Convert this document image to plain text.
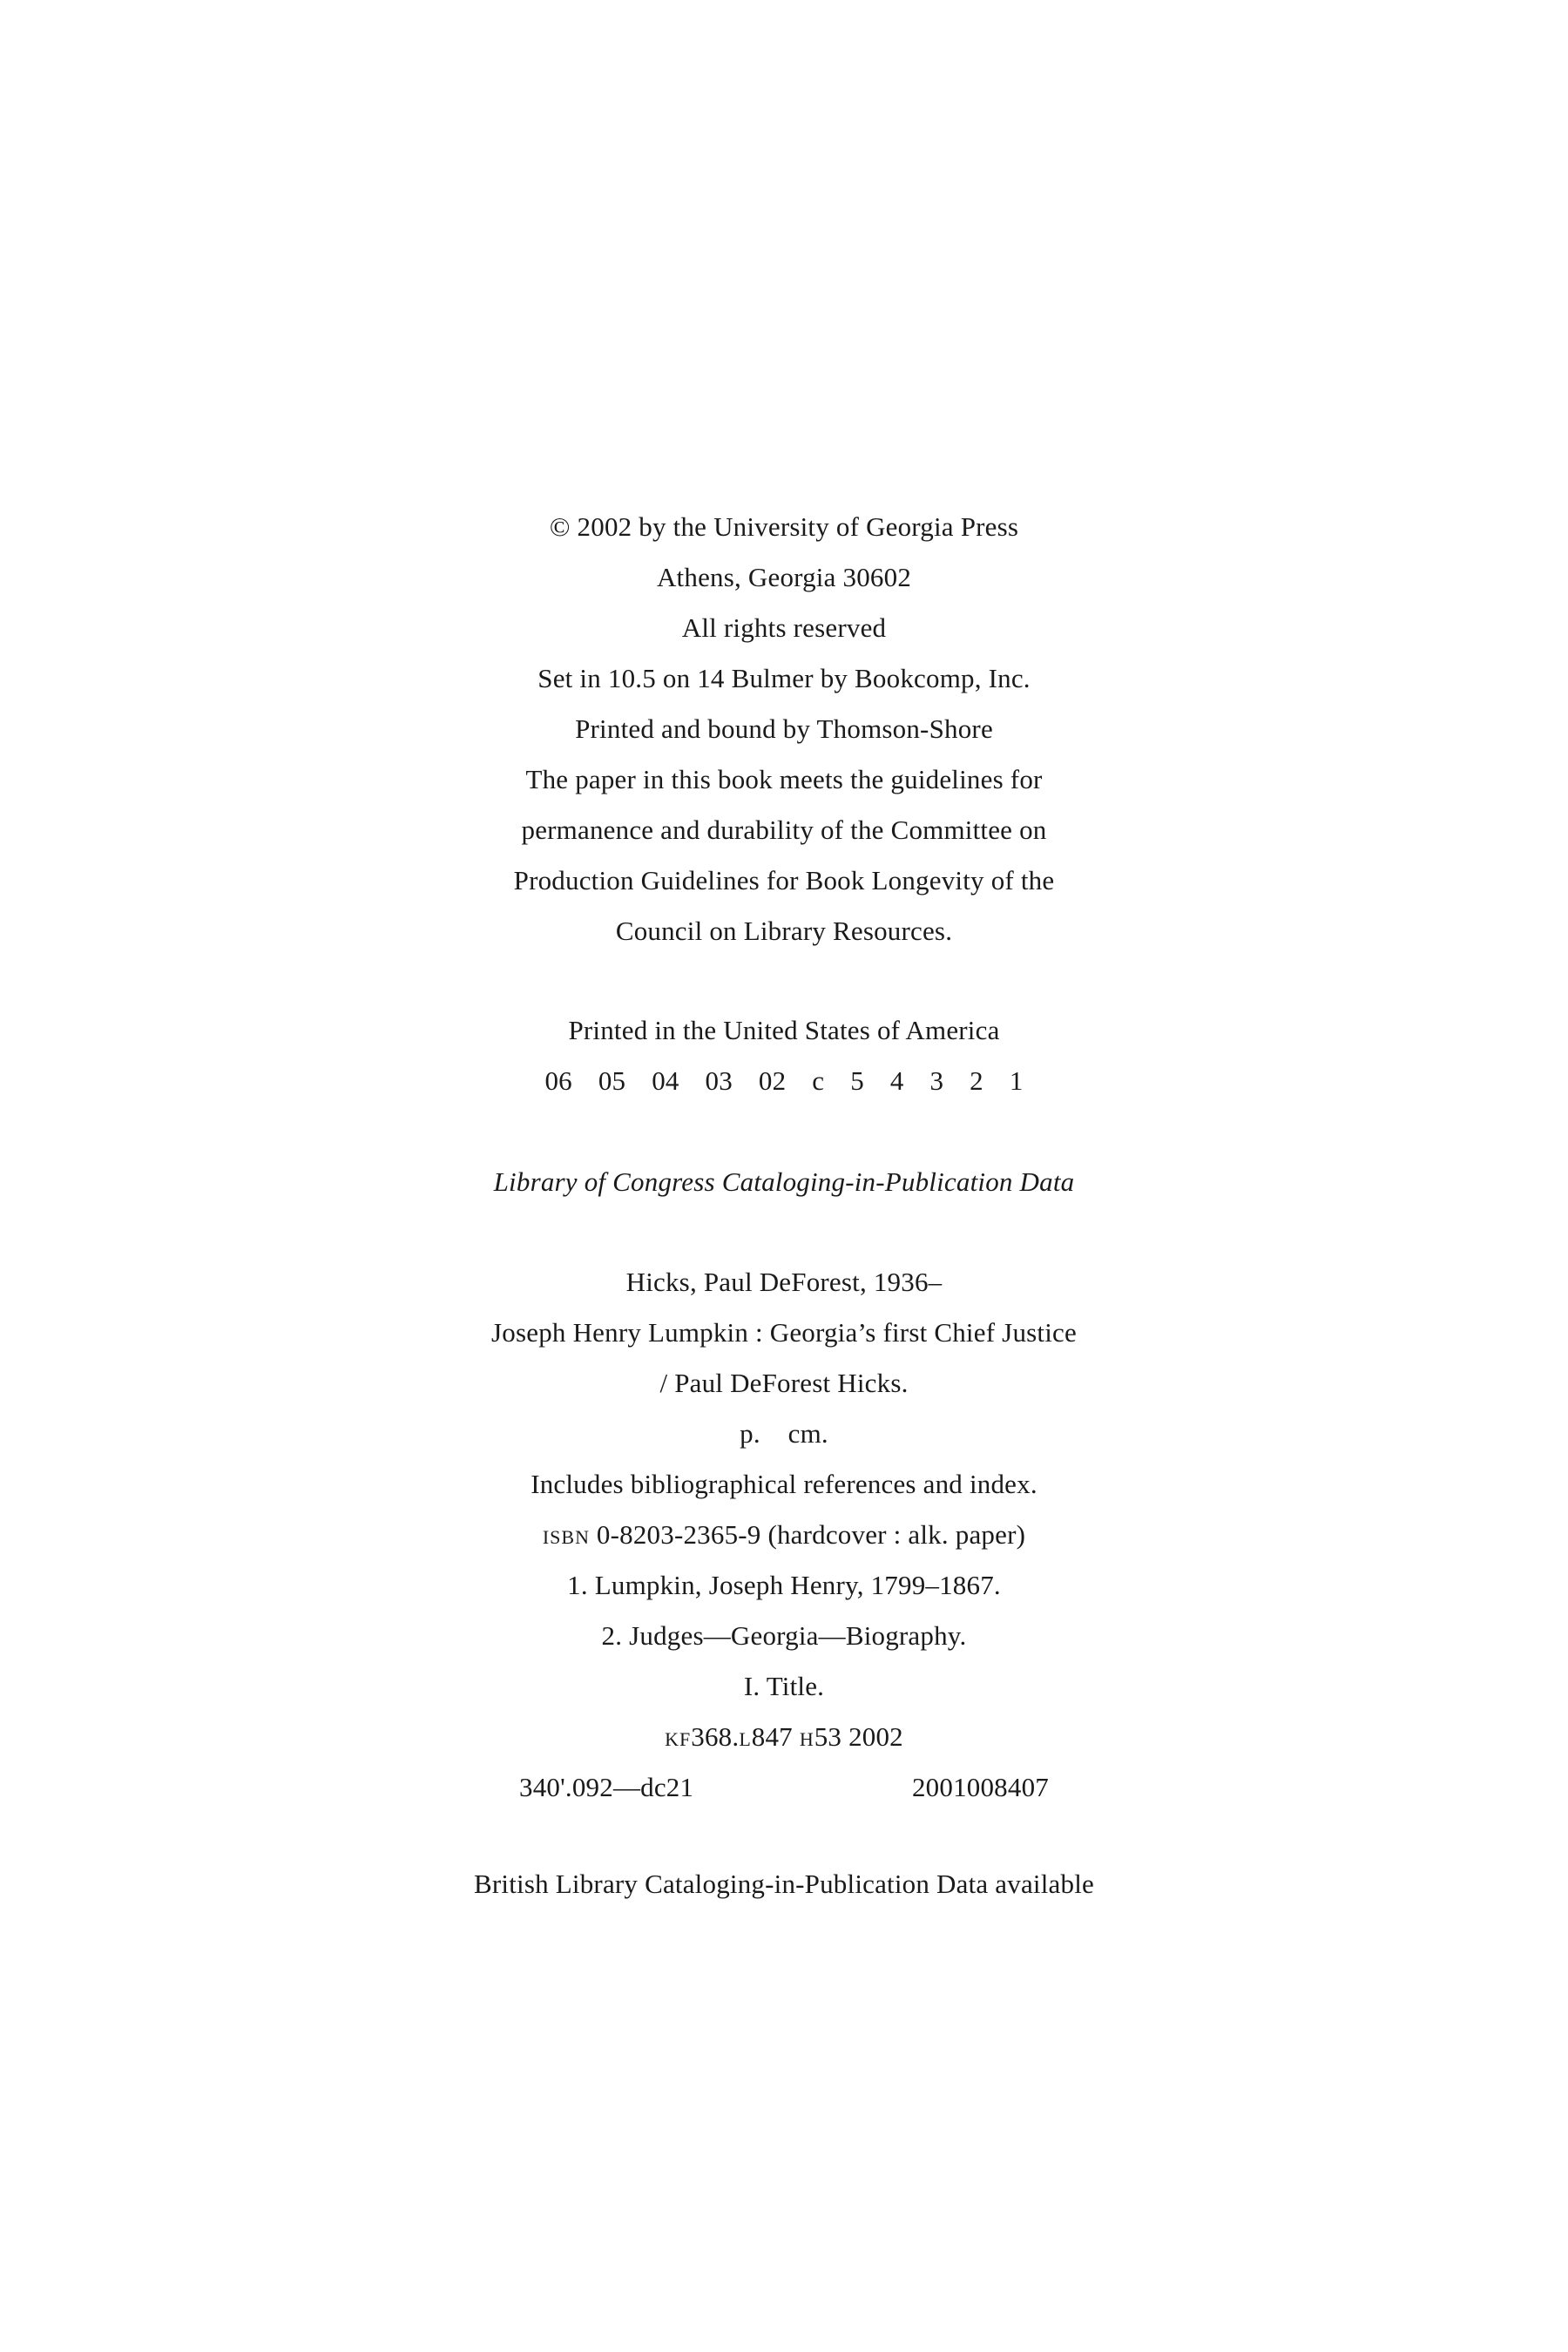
© 2002 by the University of Georgia Press
Athens, Georgia 30602
All rights reserved
Set in 10.5 on 14 Bulmer by Bookcomp, Inc.
Printed and bound by Thomson-Shore
The paper in this book meets the guidelines for
permanence and durability of the Committee on
Production Guidelines for Book Longevity of the
Council on Library Resources.
Printed in the United States of America
06 05 04 03 02 c 5 4 3 2 1
Library of Congress Cataloging-in-Publication Data
Hicks, Paul DeForest, 1936–
Joseph Henry Lumpkin : Georgia’s first Chief Justice
/ Paul DeForest Hicks.
p.    cm.
Includes bibliographical references and index.
ISBN 0-8203-2365-9 (hardcover : alk. paper)
1. Lumpkin, Joseph Henry, 1799–1867.
2. Judges—Georgia—Biography.
I. Title.
KF368.L847 H53 2002
340'.092—dc21	2001008407
British Library Cataloging-in-Publication Data available
